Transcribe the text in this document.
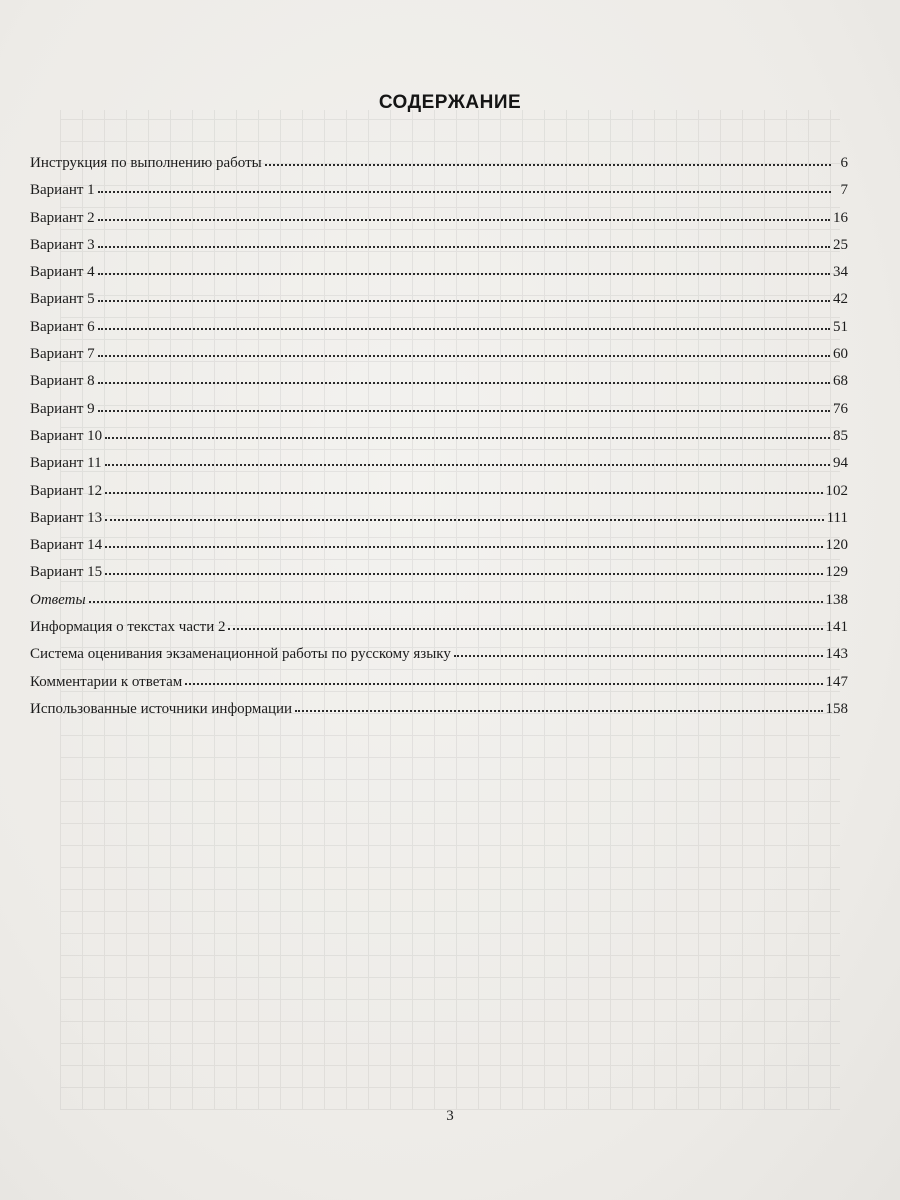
СОДЕРЖАНИЕ
Инструкция по выполнению работы	6
Вариант 1	7
Вариант 2	16
Вариант 3	25
Вариант 4	34
Вариант 5	42
Вариант 6	51
Вариант 7	60
Вариант 8	68
Вариант 9	76
Вариант 10	85
Вариант 11	94
Вариант 12	102
Вариант 13	111
Вариант 14	120
Вариант 15	129
Ответы	138
Информация о текстах части 2	141
Система оценивания экзаменационной работы по русскому языку	143
Комментарии к ответам	147
Использованные источники информации	158
3
